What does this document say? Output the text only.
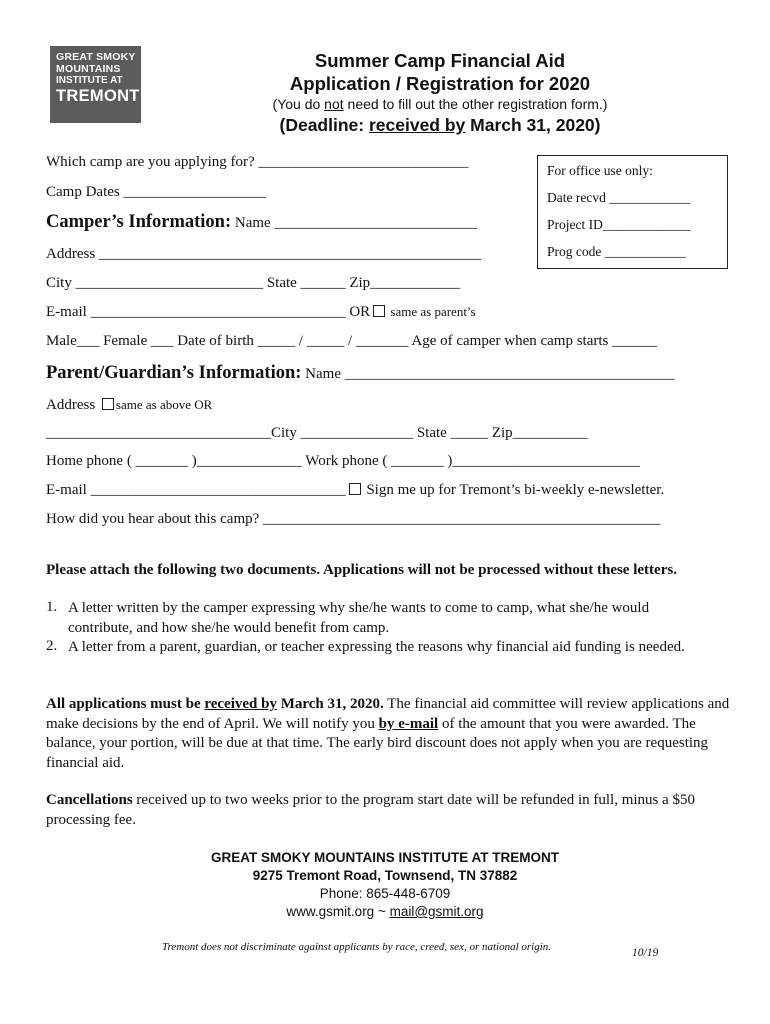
GREAT SMOKY
MOUNTAINS
INSTITUTE AT
TREMONT
Summer Camp Financial Aid
Application / Registration for 2020
(You do not need to fill out the other registration form.)
(Deadline: received by March 31, 2020)
For office use only:
Date recvd ____________
Project ID_____________
Prog code ____________
Which camp are you applying for? ____________________________
Camp Dates ___________________
Camper’s Information: Name ___________________________
Address ___________________________________________________
City _________________________ State ______ Zip____________
E-mail __________________________________ OR same as parent’s
Male___ Female ___ Date of birth _____ / _____ / _______ Age of camper when camp starts ______
Parent/Guardian’s Information: Name ____________________________________________
Address same as above OR
______________________________City _______________ State _____ Zip__________
Home phone ( _______ )______________ Work phone ( _______ )_________________________
E-mail __________________________________ Sign me up for Tremont’s bi-weekly e-newsletter.
How did you hear about this camp? _____________________________________________________
Please attach the following two documents. Applications will not be processed without these letters.
1. A letter written by the camper expressing why she/he wants to come to camp, what she/he would contribute, and how she/he would benefit from camp.
2. A letter from a parent, guardian, or teacher expressing the reasons why financial aid funding is needed.
All applications must be received by March 31, 2020. The financial aid committee will review applications and make decisions by the end of April. We will notify you by e-mail of the amount that you were awarded. The balance, your portion, will be due at that time. The early bird discount does not apply when you are requesting financial aid.
Cancellations received up to two weeks prior to the program start date will be refunded in full, minus a $50 processing fee.
GREAT SMOKY MOUNTAINS INSTITUTE AT TREMONT
9275 Tremont Road, Townsend, TN 37882
Phone: 865-448-6709
www.gsmit.org ~ mail@gsmit.org
Tremont does not discriminate against applicants by race, creed, sex, or national origin.	10/19
